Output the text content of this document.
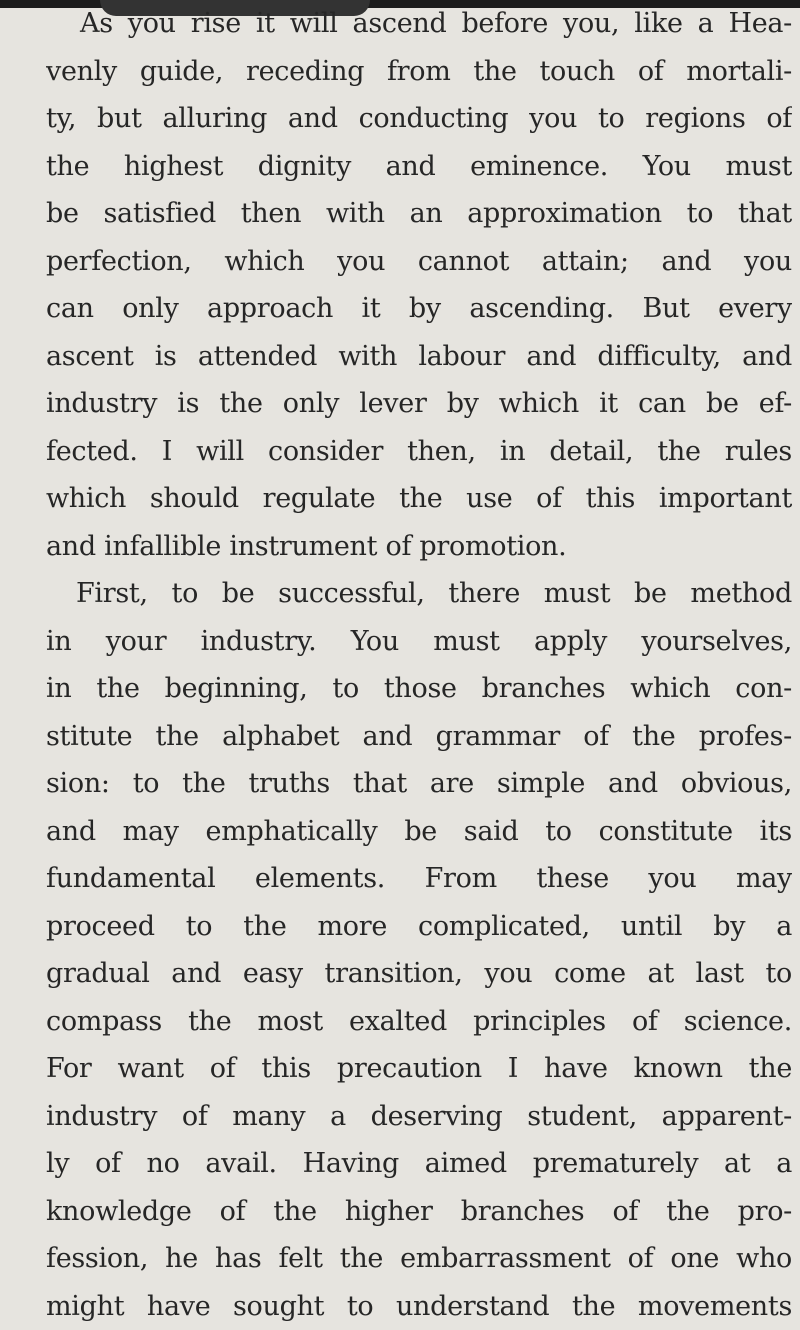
As you rise it will ascend before you, like a Hea-
venly guide, receding from the touch of mortali-
ty, but alluring and conducting you to regions of
the highest dignity and eminence. You must
be satisfied then with an approximation to that
perfection, which you cannot attain; and you
can only approach it by ascending. But every
ascent is attended with labour and difficulty, and
industry is the only lever by which it can be ef-
fected. I will consider then, in detail, the rules
which should regulate the use of this important
and infallible instrument of promotion.
First, to be successful, there must be method
in your industry. You must apply yourselves,
in the beginning, to those branches which con-
stitute the alphabet and grammar of the profes-
sion: to the truths that are simple and obvious,
and may emphatically be said to constitute its
fundamental elements. From these you may
proceed to the more complicated, until by a
gradual and easy transition, you come at last to
compass the most exalted principles of science.
For want of this precaution I have known the
industry of many a deserving student, apparent-
ly of no avail. Having aimed prematurely at a
knowledge of the higher branches of the pro-
fession, he has felt the embarrassment of one who
might have sought to understand the movements
